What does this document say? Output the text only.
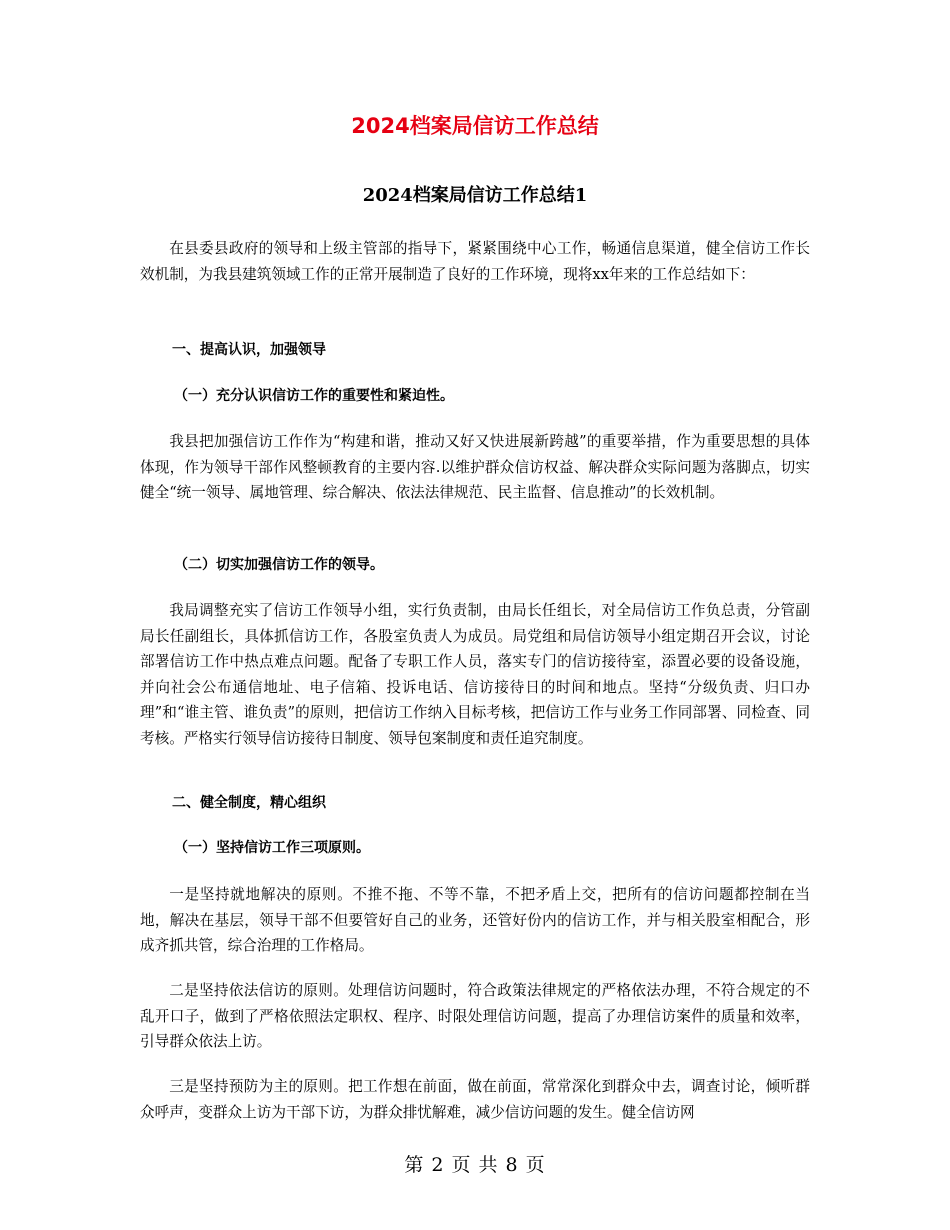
2024档案局信访工作总结
2024档案局信访工作总结1

在县委县政府的领导和上级主管部的指导下，紧紧围绕中心工作，畅通信息渠道，健全信访工作长效机制，为我县建筑领域工作的正常开展制造了良好的工作环境，现将xx年来的工作总结如下：

一、提高认识，加强领导
（一）充分认识信访工作的重要性和紧迫性。

我县把加强信访工作作为“构建和谐，推动又好又快进展新跨越”的重要举措，作为重要思想的具体体现，作为领导干部作风整顿教育的主要内容.以维护群众信访权益、解决群众实际问题为落脚点，切实健全“统一领导、属地管理、综合解决、依法法律规范、民主监督、信息推动”的长效机制。

（二）切实加强信访工作的领导。

我局调整充实了信访工作领导小组，实行负责制，由局长任组长，对全局信访工作负总责，分管副局长任副组长，具体抓信访工作，各股室负责人为成员。局党组和局信访领导小组定期召开会议，讨论部署信访工作中热点难点问题。配备了专职工作人员，落实专门的信访接待室，添置必要的设备设施，并向社会公布通信地址、电子信箱、投诉电话、信访接待日的时间和地点。坚持“分级负责、归口办理”和“谁主管、谁负责”的原则，把信访工作纳入目标考核，把信访工作与业务工作同部署、同检查、同考核。严格实行领导信访接待日制度、领导包案制度和责任追究制度。

二、健全制度，精心组织
（一）坚持信访工作三项原则。

一是坚持就地解决的原则。不推不拖、不等不靠，不把矛盾上交，把所有的信访问题都控制在当地，解决在基层，领导干部不但要管好自己的业务，还管好份内的信访工作，并与相关股室相配合，形成齐抓共管，综合治理的工作格局。

二是坚持依法信访的原则。处理信访问题时，符合政策法律规定的严格依法办理，不符合规定的不乱开口子，做到了严格依照法定职权、程序、时限处理信访问题，提高了办理信访案件的质量和效率，引导群众依法上访。

三是坚持预防为主的原则。把工作想在前面，做在前面，常常深化到群众中去，调查讨论，倾听群众呼声，变群众上访为干部下访，为群众排忧解难，减少信访问题的发生。健全信访网

第 2 页 共 8 页
